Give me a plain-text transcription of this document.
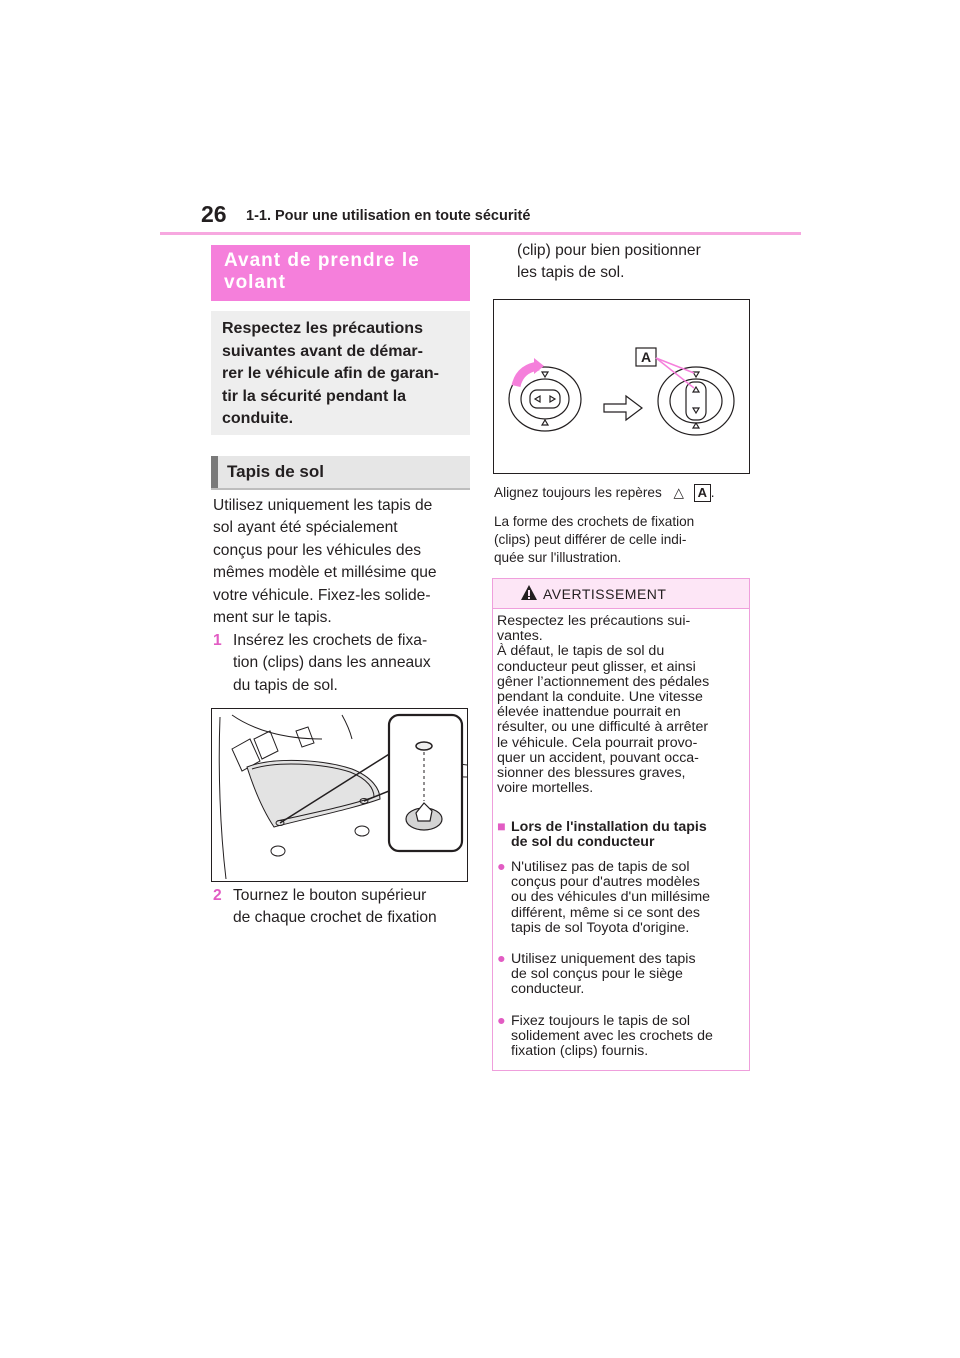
26 1-1. Pour une utilisation en toute sécurité
Avant de prendre le
volant
Respectez les précautions
suivantes avant de démar-
rer le véhicule afin de garan-
tir la sécurité pendant la
conduite.
Tapis de sol
Utilisez uniquement les tapis de
sol ayant été spécialement
conçus pour les véhicules des
mêmes modèle et millésime que
votre véhicule. Fixez-les solide-
ment sur le tapis.
1 Insérez les crochets de fixa-
tion (clips) dans les anneaux
du tapis de sol.
2 Tournez le bouton supérieur
de chaque crochet de fixation
(clip) pour bien positionner
les tapis de sol.
A
Alignez toujours les repères △ A .
La forme des crochets de fixation
(clips) peut différer de celle indi-
quée sur l'illustration.
AVERTISSEMENT
Respectez les précautions sui-
vantes.
À défaut, le tapis de sol du
conducteur peut glisser, et ainsi
gêner l’actionnement des pédales
pendant la conduite. Une vitesse
élevée inattendue pourrait en
résulter, ou une difficulté à arrêter
le véhicule. Cela pourrait provo-
quer un accident, pouvant occa-
sionner des blessures graves,
voire mortelles.
■ Lors de l'installation du tapis
de sol du conducteur
● N'utilisez pas de tapis de sol
conçus pour d'autres modèles
ou des véhicules d'un millésime
différent, même si ce sont des
tapis de sol Toyota d'origine.
● Utilisez uniquement des tapis
de sol conçus pour le siège
conducteur.
● Fixez toujours le tapis de sol
solidement avec les crochets de
fixation (clips) fournis.
